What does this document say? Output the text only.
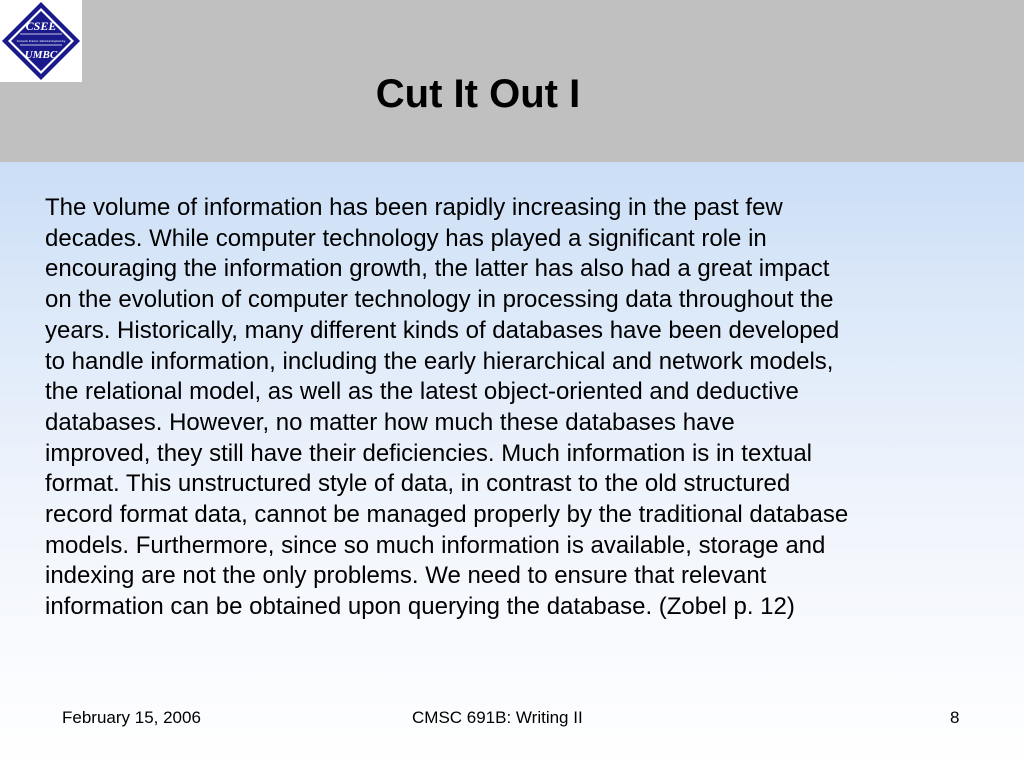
CSEE
Computer Science / Electrical Engineering
UMBC
Cut It Out I
The volume of information has been rapidly increasing in the past few
decades. While computer technology has played a significant role in
encouraging the information growth, the latter has also had a great impact
on the evolution of computer technology in processing data throughout the
years. Historically, many different kinds of databases have been developed
to handle information, including the early hierarchical and network models,
the relational model, as well as the latest object-oriented and deductive
databases. However, no matter how much these databases have
improved, they still have their deficiencies. Much information is in textual
format. This unstructured style of data, in contrast to the old structured
record format data, cannot be managed properly by the traditional database
models. Furthermore, since so much information is available, storage and
indexing are not the only problems. We need to ensure that relevant
information can be obtained upon querying the database. (Zobel p. 12)
February 15, 2006	CMSC 691B: Writing II	8
